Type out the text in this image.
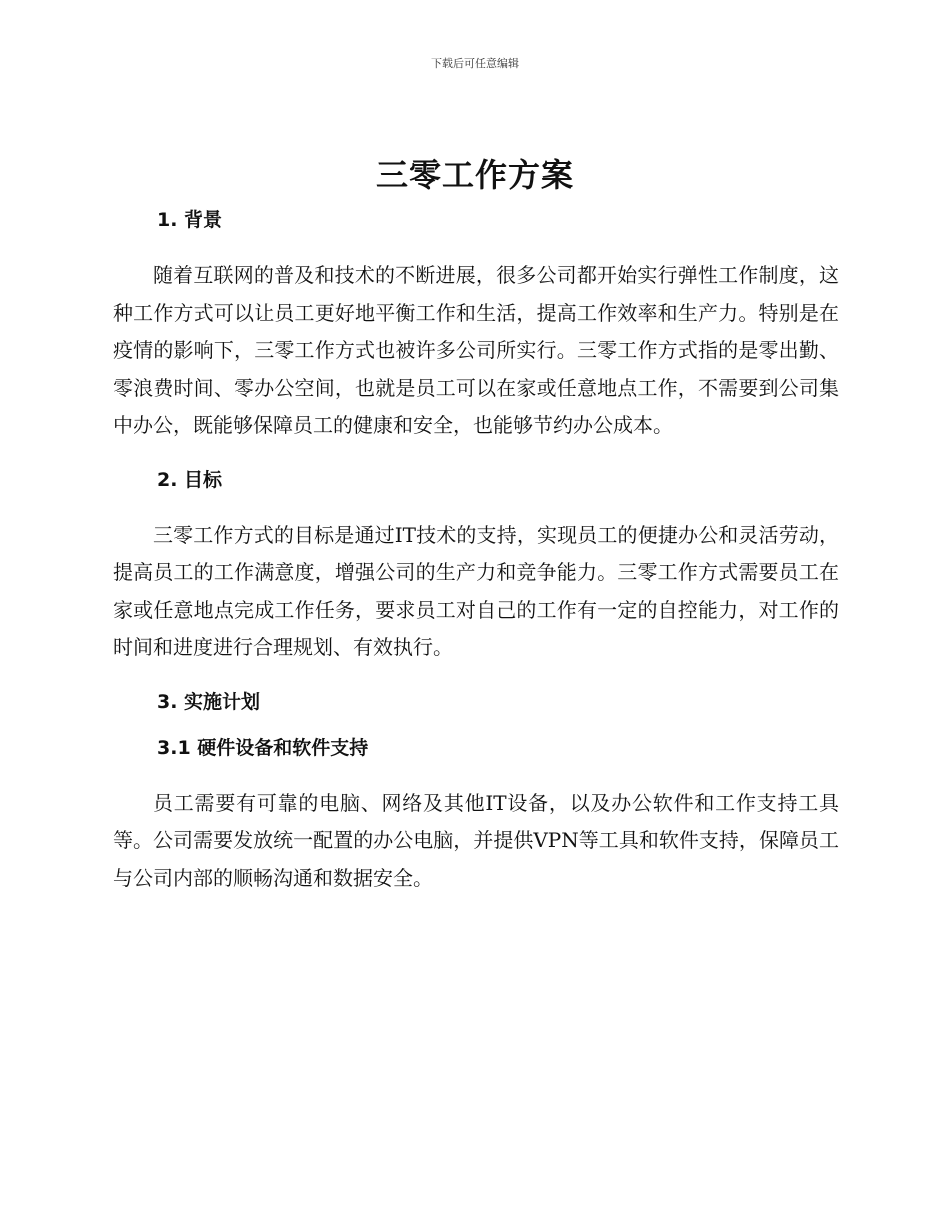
下载后可任意编辑
三零工作方案
1. 背景

随着互联网的普及和技术的不断进展，很多公司都开始实行弹性工作制度，这种工作方式可以让员工更好地平衡工作和生活，提高工作效率和生产力。特别是在疫情的影响下，三零工作方式也被许多公司所实行。三零工作方式指的是零出勤、零浪费时间、零办公空间，也就是员工可以在家或任意地点工作，不需要到公司集中办公，既能够保障员工的健康和安全，也能够节约办公成本。

2. 目标

三零工作方式的目标是通过IT技术的支持，实现员工的便捷办公和灵活劳动，提高员工的工作满意度，增强公司的生产力和竞争能力。三零工作方式需要员工在家或任意地点完成工作任务，要求员工对自己的工作有一定的自控能力，对工作的时间和进度进行合理规划、有效执行。

3. 实施计划
3.1 硬件设备和软件支持

员工需要有可靠的电脑、网络及其他IT设备，以及办公软件和工作支持工具等。公司需要发放统一配置的办公电脑，并提供VPN等工具和软件支持，保障员工与公司内部的顺畅沟通和数据安全。
